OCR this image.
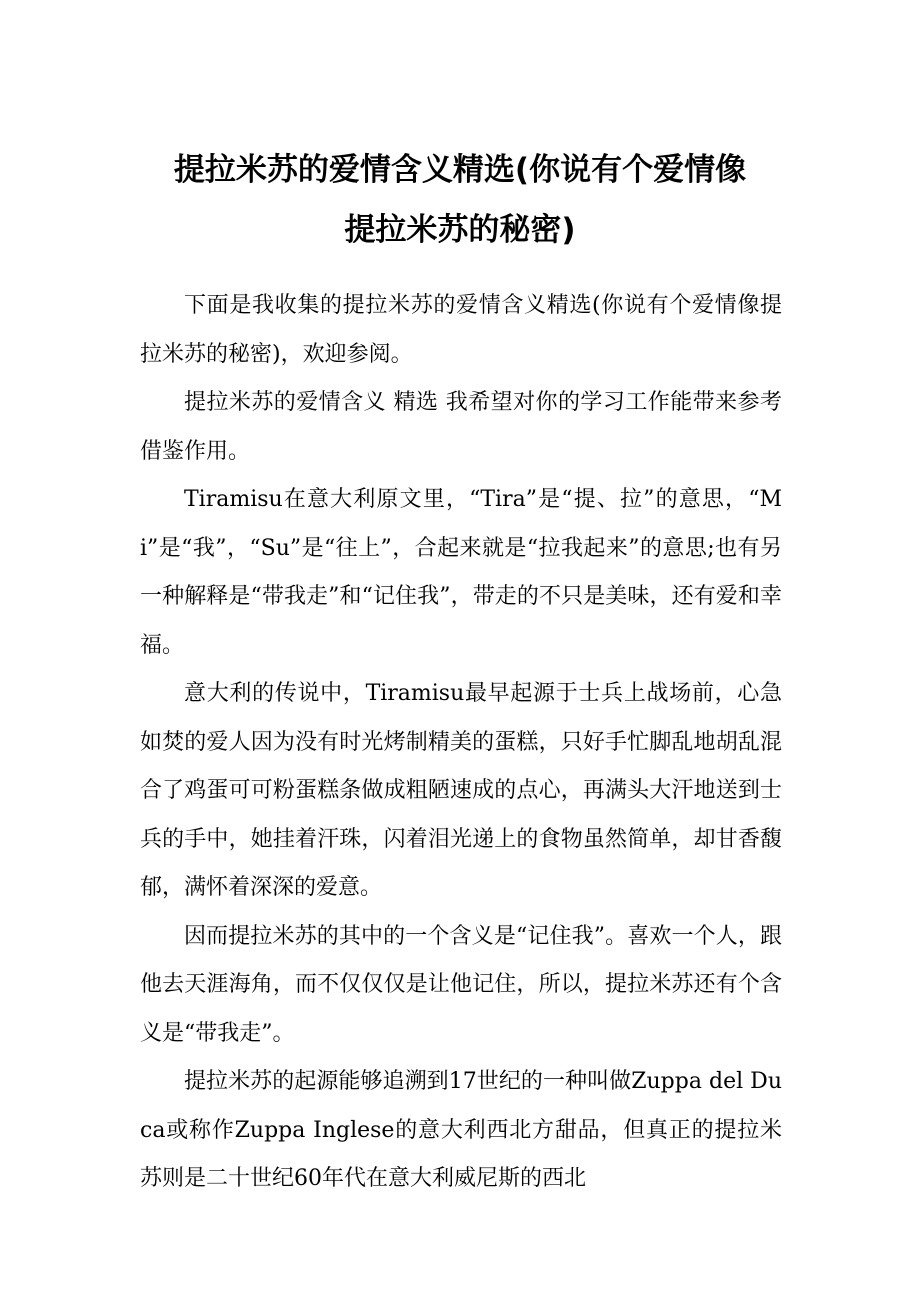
提拉米苏的爱情含义精选(你说有个爱情像
提拉米苏的秘密)

下面是我收集的提拉米苏的爱情含义精选(你说有个爱情像提拉米苏的秘密)，欢迎参阅。

提拉米苏的爱情含义 精选 我希望对你的学习工作能带来参考借鉴作用。

Tiramisu在意大利原文里，“Tira”是“提、拉”的意思，“Mi”是“我”，“Su”是“往上”，合起来就是“拉我起来”的意思;也有另一种解释是“带我走”和“记住我”，带走的不只是美味，还有爱和幸福。

意大利的传说中，Tiramisu最早起源于士兵上战场前，心急如焚的爱人因为没有时光烤制精美的蛋糕，只好手忙脚乱地胡乱混合了鸡蛋可可粉蛋糕条做成粗陋速成的点心，再满头大汗地送到士兵的手中，她挂着汗珠，闪着泪光递上的食物虽然简单，却甘香馥郁，满怀着深深的爱意。

因而提拉米苏的其中的一个含义是“记住我”。喜欢一个人，跟他去天涯海角，而不仅仅仅是让他记住，所以，提拉米苏还有个含义是“带我走”。

提拉米苏的起源能够追溯到17世纪的一种叫做Zuppa del Duca或称作Zuppa Inglese的意大利西北方甜品，但真正的提拉米苏则是二十世纪60年代在意大利威尼斯的西北
